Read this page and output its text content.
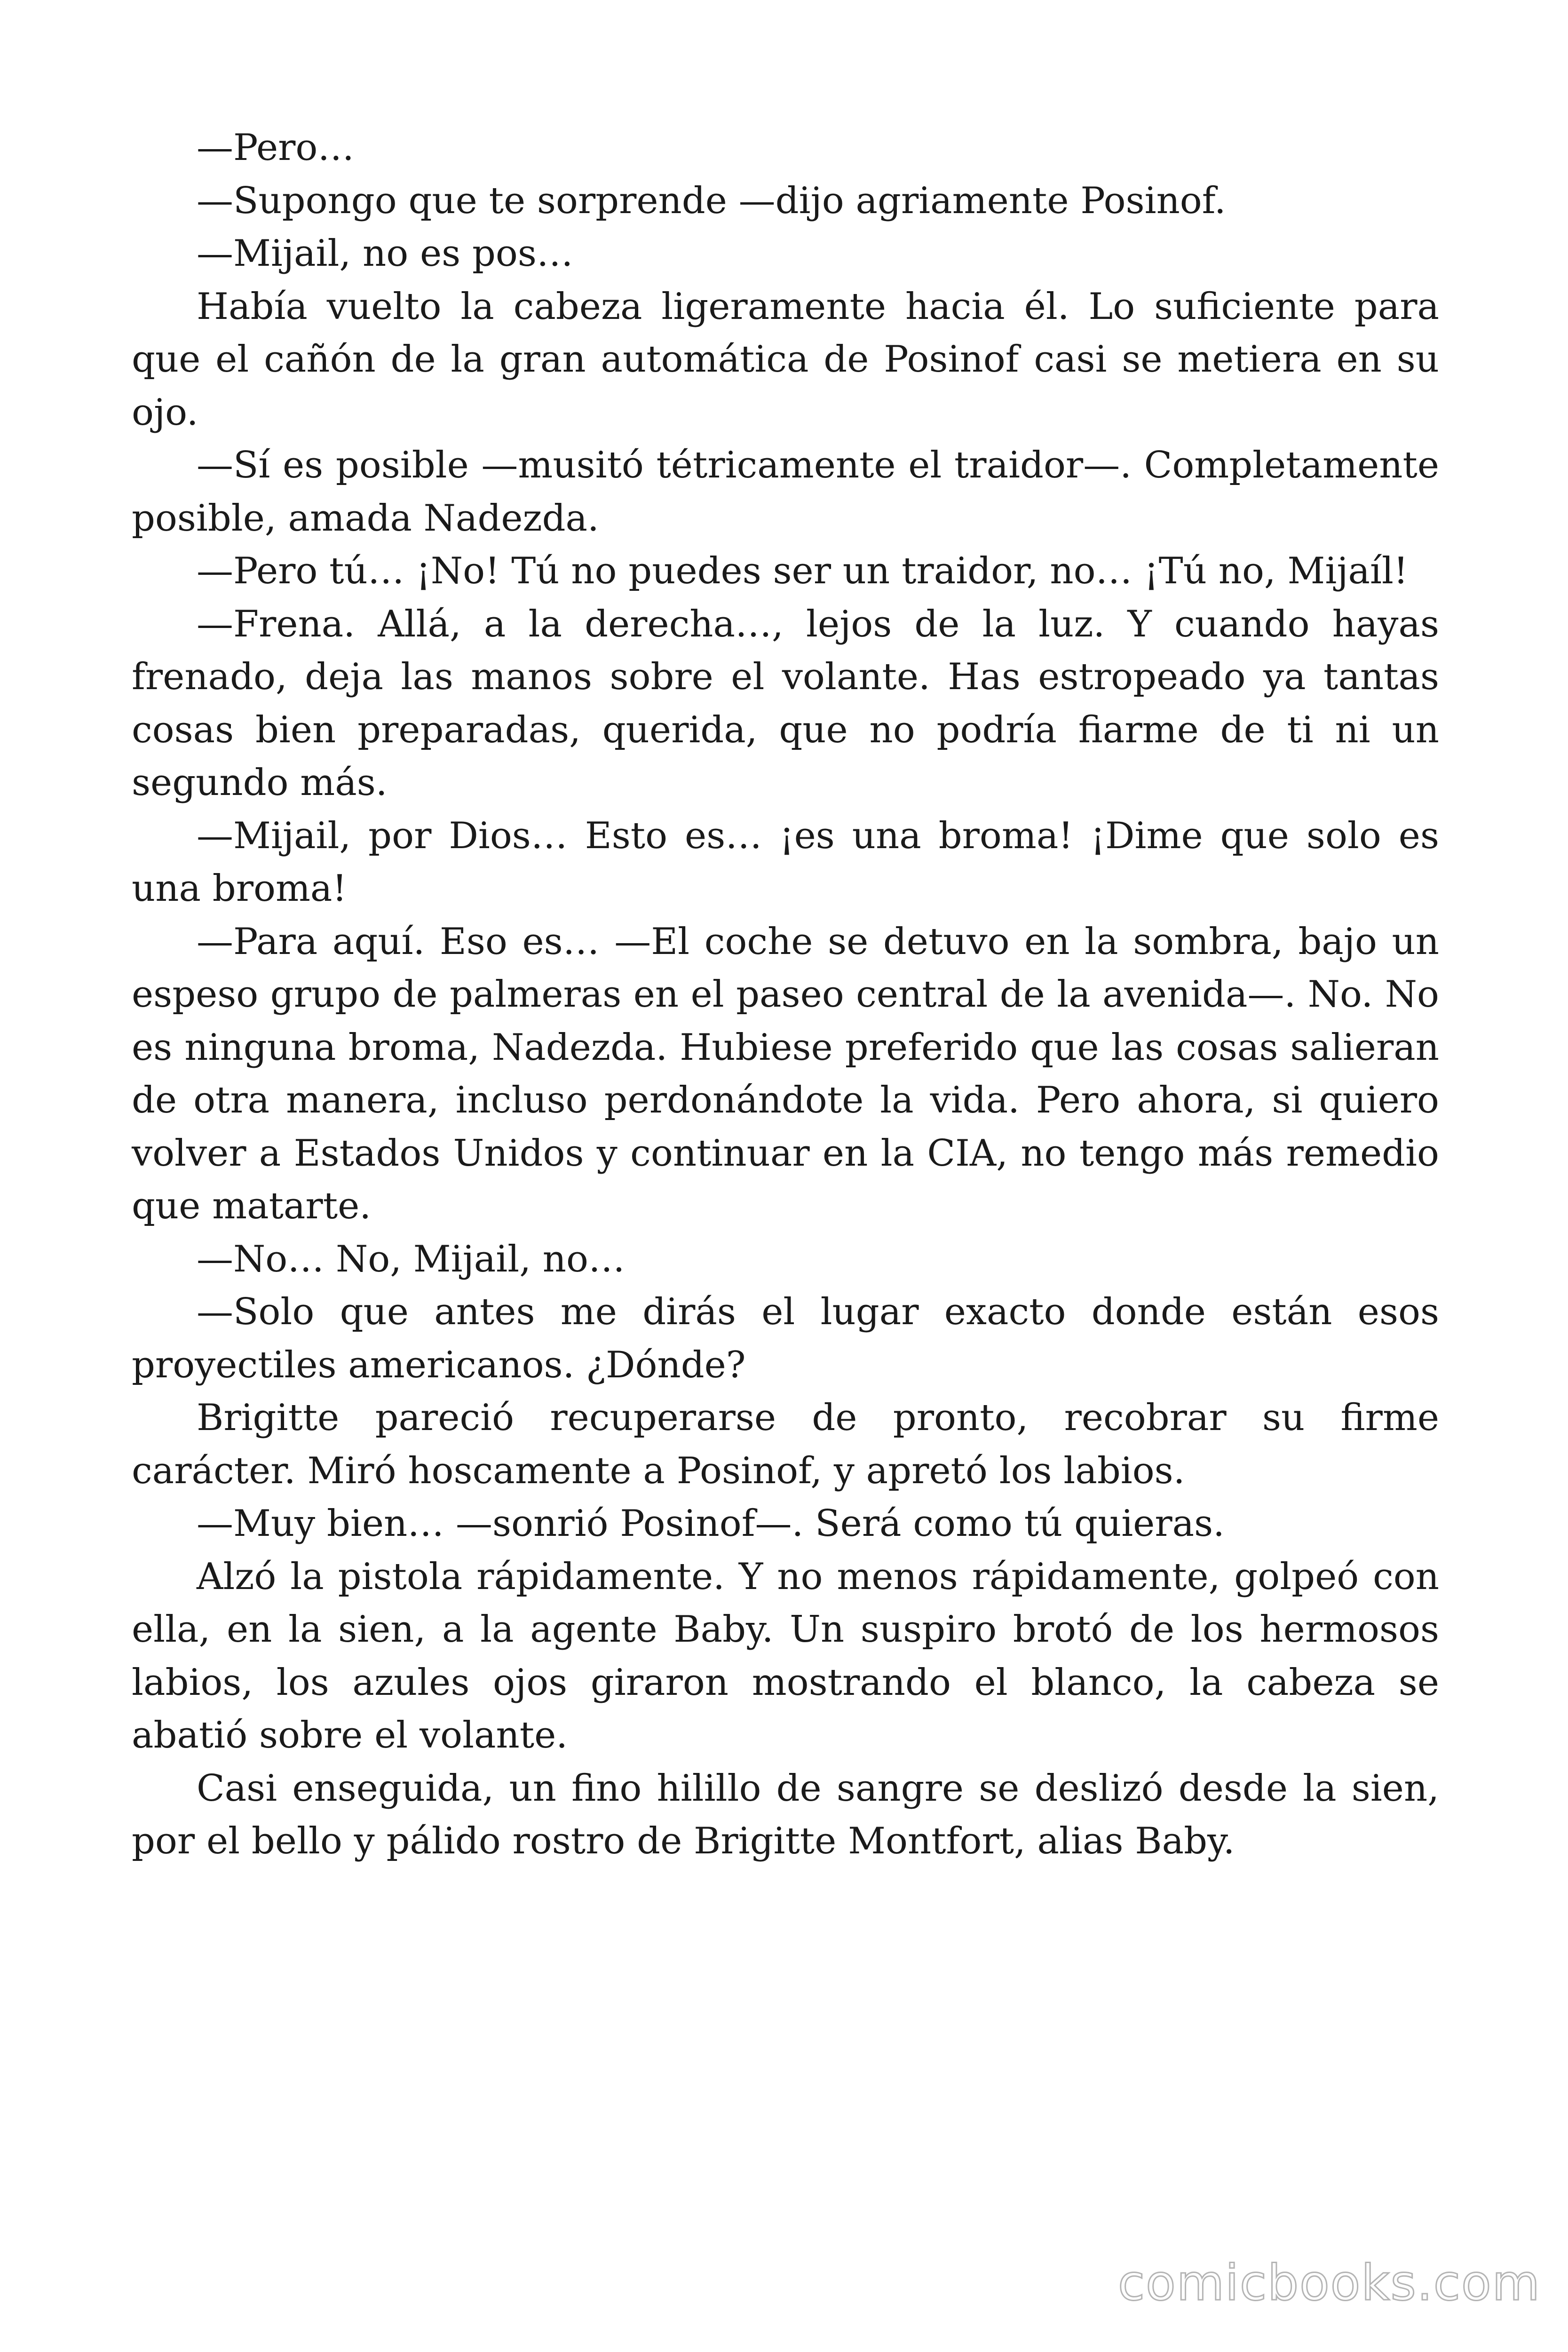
—Pero…

—Supongo que te sorprende —dijo agriamente Posinof.

—Mijail, no es pos…

Había vuelto la cabeza ligeramente hacia él. Lo suficiente para que el cañón de la gran automática de Posinof casi se metiera en su ojo.

—Sí es posible —musitó tétricamente el traidor—. Completamente posible, amada Nadezda.

—Pero tú… ¡No! Tú no puedes ser un traidor, no… ¡Tú no, Mijaíl!

—Frena. Allá, a la derecha…, lejos de la luz. Y cuando hayas frenado, deja las manos sobre el volante. Has estropeado ya tantas cosas bien preparadas, querida, que no podría fiarme de ti ni un segundo más.

—Mijail, por Dios… Esto es… ¡es una broma! ¡Dime que solo es una broma!

—Para aquí. Eso es… —El coche se detuvo en la sombra, bajo un espeso grupo de palmeras en el paseo central de la avenida—. No. No es ninguna broma, Nadezda. Hubiese preferido que las cosas salieran de otra manera, incluso perdonándote la vida. Pero ahora, si quiero volver a Estados Unidos y continuar en la CIA, no tengo más remedio que matarte.

—No… No, Mijail, no…

—Solo que antes me dirás el lugar exacto donde están esos proyectiles americanos. ¿Dónde?

Brigitte pareció recuperarse de pronto, recobrar su firme carácter. Miró hoscamente a Posinof, y apretó los labios.

—Muy bien… —sonrió Posinof—. Será como tú quieras.

Alzó la pistola rápidamente. Y no menos rápidamente, golpeó con ella, en la sien, a la agente Baby. Un suspiro brotó de los hermosos labios, los azules ojos giraron mostrando el blanco, la cabeza se abatió sobre el volante.

Casi enseguida, un fino hilillo de sangre se deslizó desde la sien, por el bello y pálido rostro de Brigitte Montfort, alias Baby.

comicbooks.com
